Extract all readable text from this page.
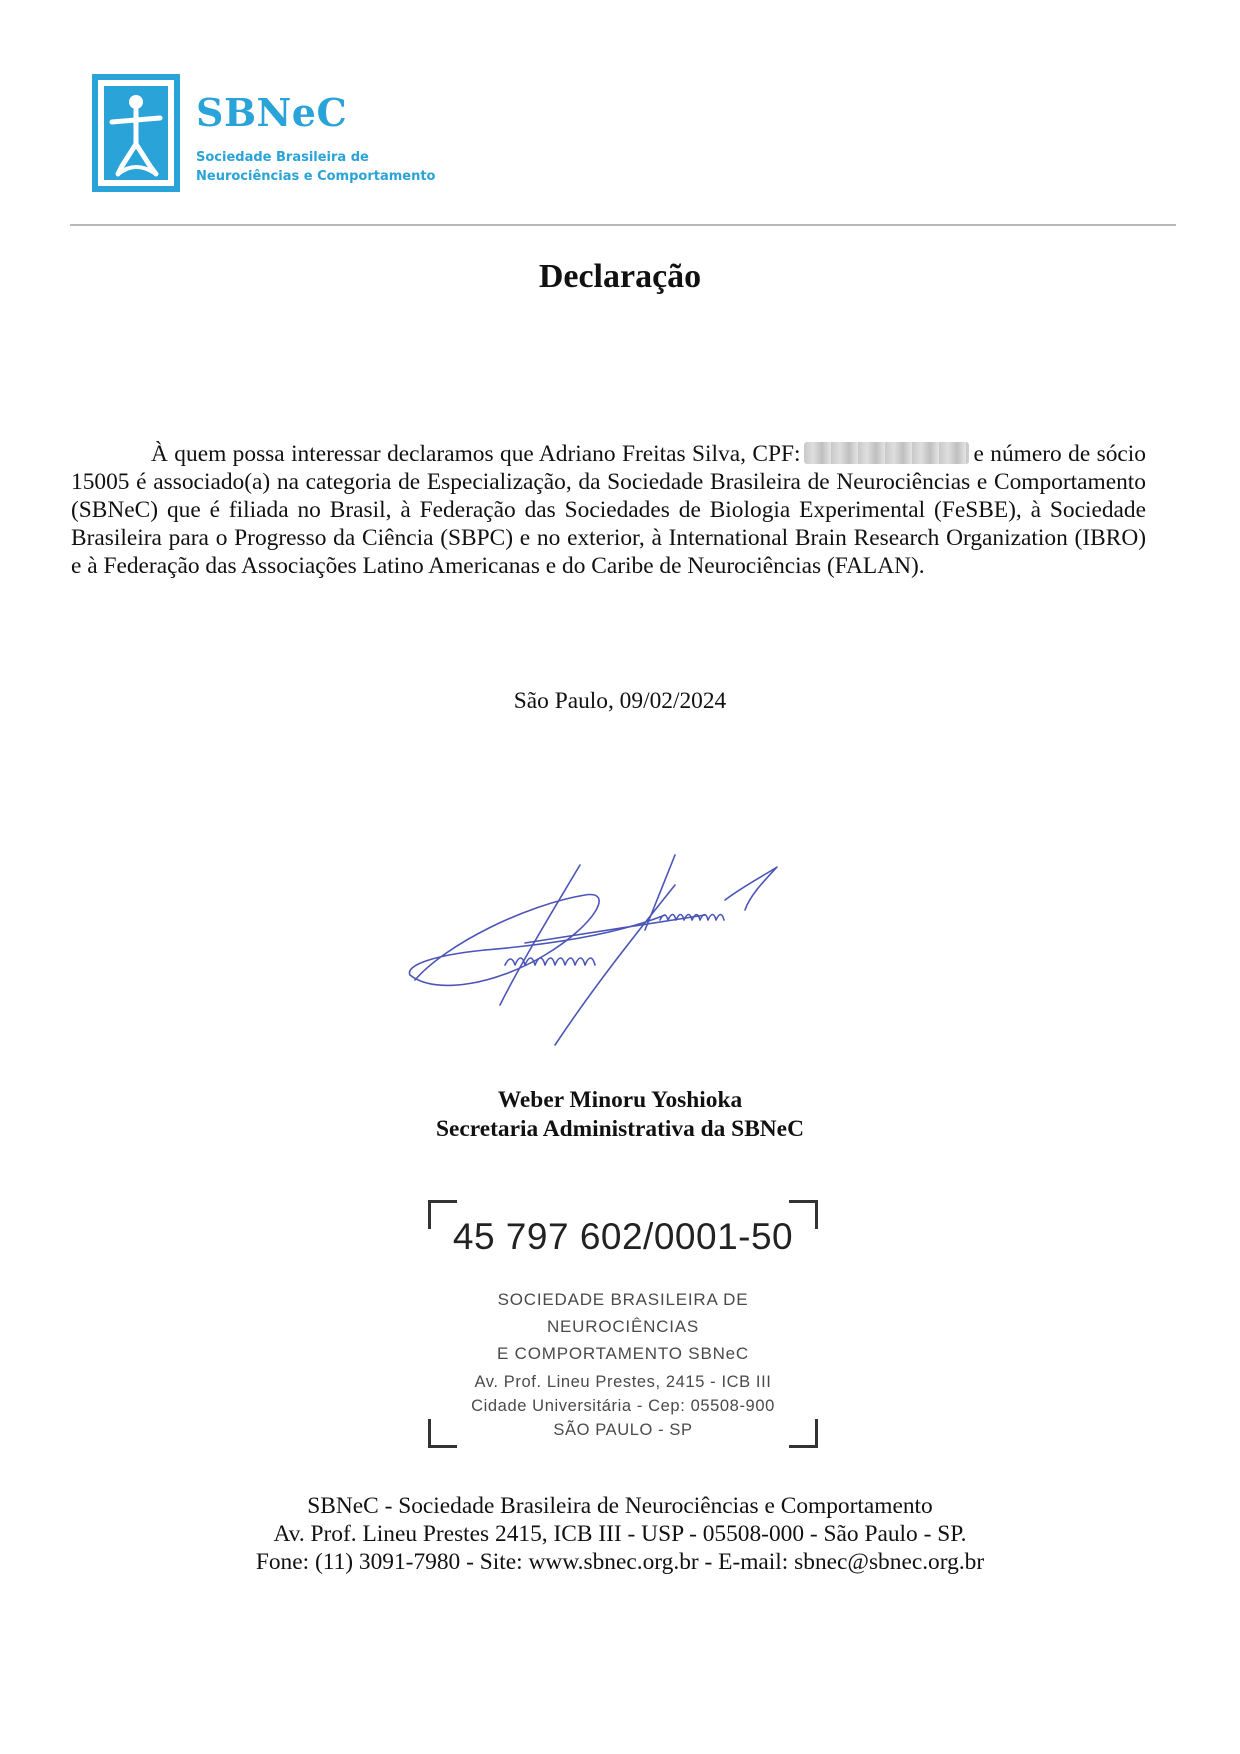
SBNeC
Sociedade Brasileira de
Neurociências e Comportamento
Declaração
À quem possa interessar declaramos que Adriano Freitas Silva, CPF:	e número de sócio 15005 é associado(a) na categoria de Especialização, da Sociedade Brasileira de Neurociências e Comportamento (SBNeC) que é filiada no Brasil, à Federação das Sociedades de Biologia Experimental (FeSBE), à Sociedade Brasileira para o Progresso da Ciência (SBPC) e no exterior, à International Brain Research Organization (IBRO) e à Federação das Associações Latino Americanas e do Caribe de Neurociências (FALAN).
São Paulo, 09/02/2024
Weber Minoru Yoshioka
Secretaria Administrativa da SBNeC
45 797 602/0001-50
SOCIEDADE BRASILEIRA DE NEUROCIÊNCIAS
E COMPORTAMENTO SBNeC
Av. Prof. Lineu Prestes, 2415 - ICB III
Cidade Universitária - Cep: 05508-900
SÃO PAULO - SP
SBNeC - Sociedade Brasileira de Neurociências e Comportamento
Av. Prof. Lineu Prestes 2415, ICB III - USP - 05508-000 - São Paulo - SP.
Fone: (11) 3091-7980 - Site: www.sbnec.org.br - E-mail: sbnec@sbnec.org.br
